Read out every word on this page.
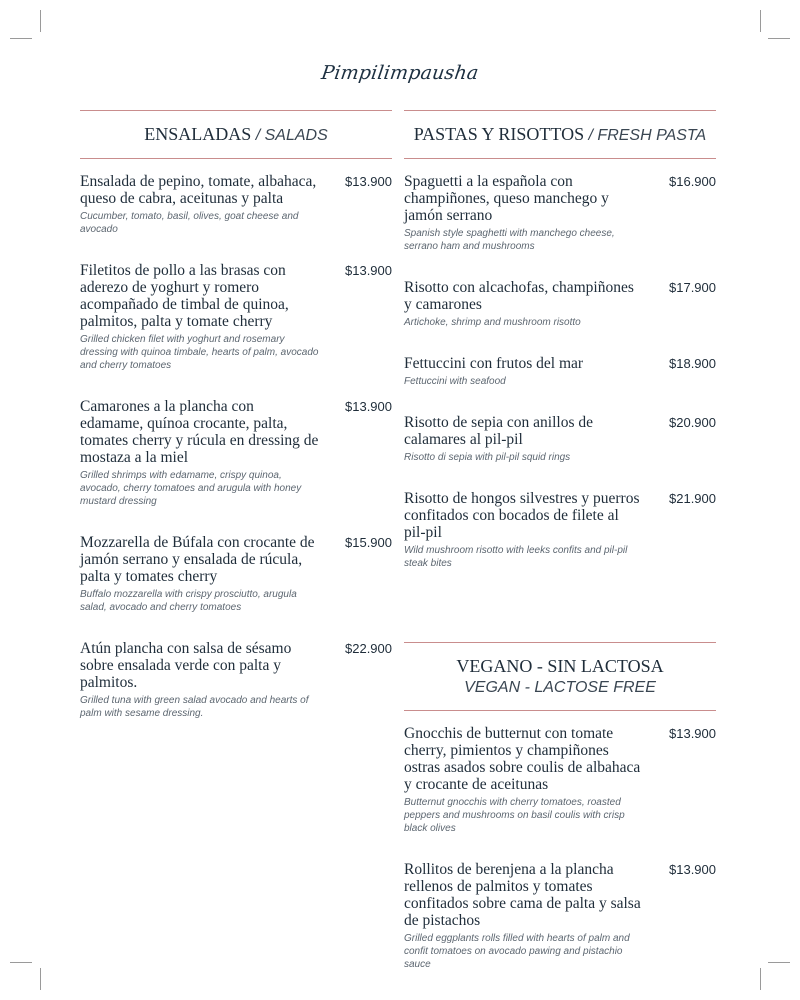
Pimpilimpausha
ENSALADAS / SALADS
Ensalada de pepino, tomate, albahaca, queso de cabra, aceitunas y palta
Cucumber, tomato, basil, olives, goat cheese and avocado
$13.900
Filetitos de pollo a las brasas con aderezo de yoghurt y romero acompañado de timbal de quinoa, palmitos, palta y tomate cherry
Grilled chicken filet with yoghurt and rosemary dressing with quinoa timbale, hearts of palm, avocado and cherry tomatoes
$13.900
Camarones a la plancha con edamame, quínoa crocante, palta, tomates cherry y rúcula en dressing de mostaza a la miel
Grilled shrimps with edamame, crispy quinoa, avocado, cherry tomatoes and arugula with honey mustard dressing
$13.900
Mozzarella de Búfala con crocante de jamón serrano y ensalada de rúcula, palta y tomates cherry
Buffalo mozzarella with crispy prosciutto, arugula salad, avocado and cherry tomatoes
$15.900
Atún plancha con salsa de sésamo sobre ensalada verde con palta y palmitos.
Grilled tuna with green salad avocado and hearts of palm with sesame dressing.
$22.900
PASTAS Y RISOTTOS / FRESH PASTA
Spaguetti a la española con champiñones, queso manchego y jamón serrano
Spanish style spaghetti with manchego cheese, serrano ham and mushrooms
$16.900
Risotto con alcachofas, champiñones y camarones
Artichoke, shrimp and mushroom risotto
$17.900
Fettuccini con frutos del mar
Fettuccini with seafood
$18.900
Risotto de sepia con anillos de calamares al pil-pil
Risotto di sepia with pil-pil squid rings
$20.900
Risotto de hongos silvestres y puerros confitados con bocados de filete al pil-pil
Wild mushroom risotto with leeks confits and pil-pil steak bites
$21.900
VEGANO - SIN LACTOSA
VEGAN - LACTOSE FREE
Gnocchis de butternut con tomate cherry, pimientos y champiñones ostras asados sobre coulis de albahaca y crocante de aceitunas
Butternut gnocchis with cherry tomatoes, roasted peppers and mushrooms on basil coulis with crisp black olives
$13.900
Rollitos de berenjena a la plancha rellenos de palmitos y tomates confitados sobre cama de palta y salsa de pistachos
Grilled eggplants rolls filled with hearts of palm and confit tomatoes on avocado pawing and pistachio sauce
$13.900
